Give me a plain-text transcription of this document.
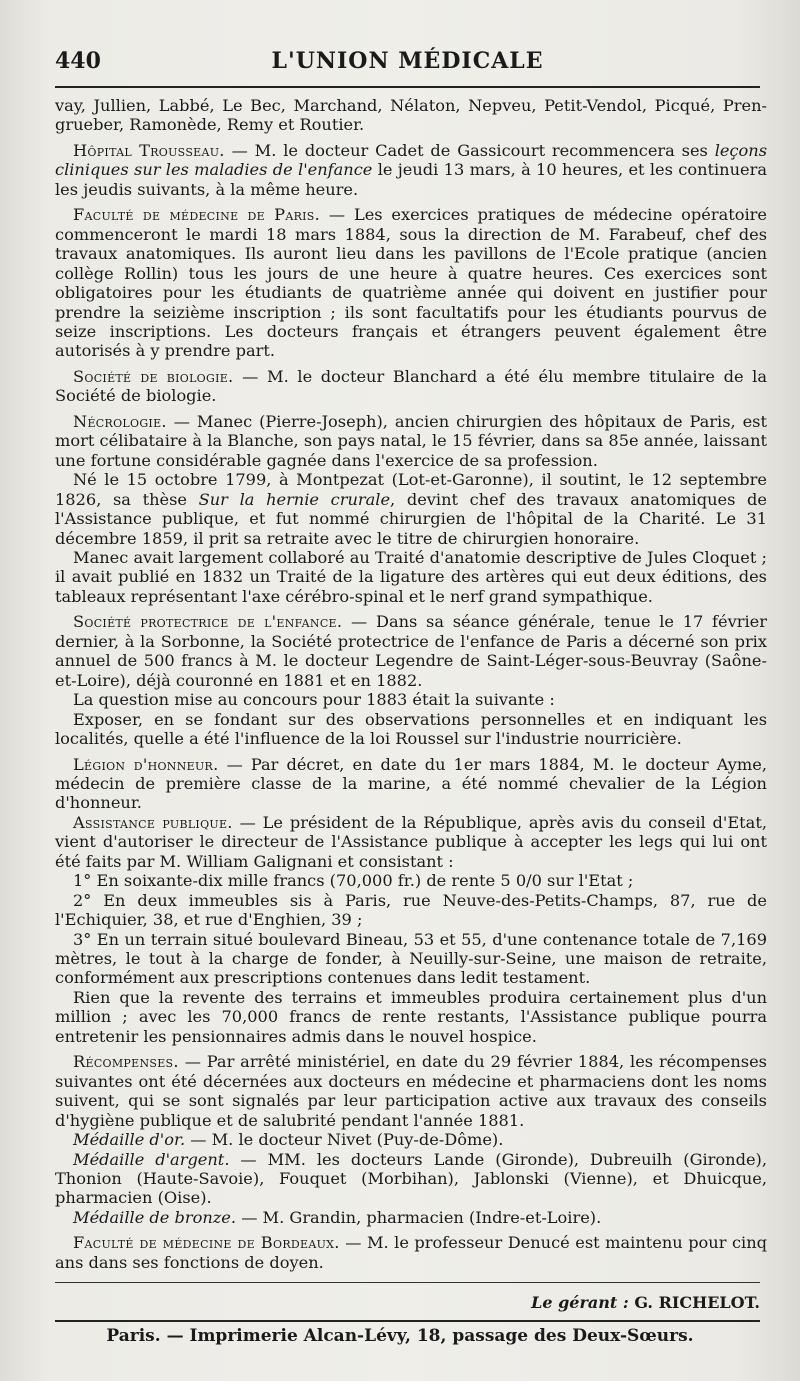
440	L'UNION MÉDICALE

vay, Jullien, Labbé, Le Bec, Marchand, Nélaton, Nepveu, Petit-Vendol, Picqué, Pren-grueber, Ramonède, Remy et Routier.

Hôpital Trousseau. — M. le docteur Cadet de Gassicourt recommencera ses leçons cliniques sur les maladies de l'enfance le jeudi 13 mars, à 10 heures, et les continuera les jeudis suivants, à la même heure.

Faculté de médecine de Paris. — Les exercices pratiques de médecine opératoire commenceront le mardi 18 mars 1884, sous la direction de M. Farabeuf, chef des travaux anatomiques. Ils auront lieu dans les pavillons de l'Ecole pratique (ancien collège Rollin) tous les jours de une heure à quatre heures. Ces exercices sont obligatoires pour les étudiants de quatrième année qui doivent en justifier pour prendre la seizième inscription ; ils sont facultatifs pour les étudiants pourvus de seize inscriptions. Les docteurs français et étrangers peuvent également être autorisés à y prendre part.

Société de biologie. — M. le docteur Blanchard a été élu membre titulaire de la Société de biologie.

Nécrologie. — Manec (Pierre-Joseph), ancien chirurgien des hôpitaux de Paris, est mort célibataire à la Blanche, son pays natal, le 15 février, dans sa 85e année, laissant une fortune considérable gagnée dans l'exercice de sa profession.

Né le 15 octobre 1799, à Montpezat (Lot-et-Garonne), il soutint, le 12 septembre 1826, sa thèse Sur la hernie crurale, devint chef des travaux anatomiques de l'Assistance publique, et fut nommé chirurgien de l'hôpital de la Charité. Le 31 décembre 1859, il prit sa retraite avec le titre de chirurgien honoraire.

Manec avait largement collaboré au Traité d'anatomie descriptive de Jules Cloquet ; il avait publié en 1832 un Traité de la ligature des artères qui eut deux éditions, des tableaux représentant l'axe cérébro-spinal et le nerf grand sympathique.

Société protectrice de l'enfance. — Dans sa séance générale, tenue le 17 février dernier, à la Sorbonne, la Société protectrice de l'enfance de Paris a décerné son prix annuel de 500 francs à M. le docteur Legendre de Saint-Léger-sous-Beuvray (Saône-et-Loire), déjà couronné en 1881 et en 1882.

La question mise au concours pour 1883 était la suivante :

Exposer, en se fondant sur des observations personnelles et en indiquant les localités, quelle a été l'influence de la loi Roussel sur l'industrie nourricière.

Légion d'honneur. — Par décret, en date du 1er mars 1884, M. le docteur Ayme, médecin de première classe de la marine, a été nommé chevalier de la Légion d'honneur.

Assistance publique. — Le président de la République, après avis du conseil d'Etat, vient d'autoriser le directeur de l'Assistance publique à accepter les legs qui lui ont été faits par M. William Galignani et consistant :

1° En soixante-dix mille francs (70,000 fr.) de rente 5 0/0 sur l'Etat ;

2° En deux immeubles sis à Paris, rue Neuve-des-Petits-Champs, 87, rue de l'Echiquier, 38, et rue d'Enghien, 39 ;

3° En un terrain situé boulevard Bineau, 53 et 55, d'une contenance totale de 7,169 mètres, le tout à la charge de fonder, à Neuilly-sur-Seine, une maison de retraite, conformément aux prescriptions contenues dans ledit testament.

Rien que la revente des terrains et immeubles produira certainement plus d'un million ; avec les 70,000 francs de rente restants, l'Assistance publique pourra entretenir les pensionnaires admis dans le nouvel hospice.

Récompenses. — Par arrêté ministériel, en date du 29 février 1884, les récompenses suivantes ont été décernées aux docteurs en médecine et pharmaciens dont les noms suivent, qui se sont signalés par leur participation active aux travaux des conseils d'hygiène publique et de salubrité pendant l'année 1881.

Médaille d'or. — M. le docteur Nivet (Puy-de-Dôme).

Médaille d'argent. — MM. les docteurs Lande (Gironde), Dubreuilh (Gironde), Thonion (Haute-Savoie), Fouquet (Morbihan), Jablonski (Vienne), et Dhuicque, pharmacien (Oise).

Médaille de bronze. — M. Grandin, pharmacien (Indre-et-Loire).

Faculté de médecine de Bordeaux. — M. le professeur Denucé est maintenu pour cinq ans dans ses fonctions de doyen.

Le gérant : G. RICHELOT.
Paris. — Imprimerie Alcan-Lévy, 18, passage des Deux-Sœurs.
